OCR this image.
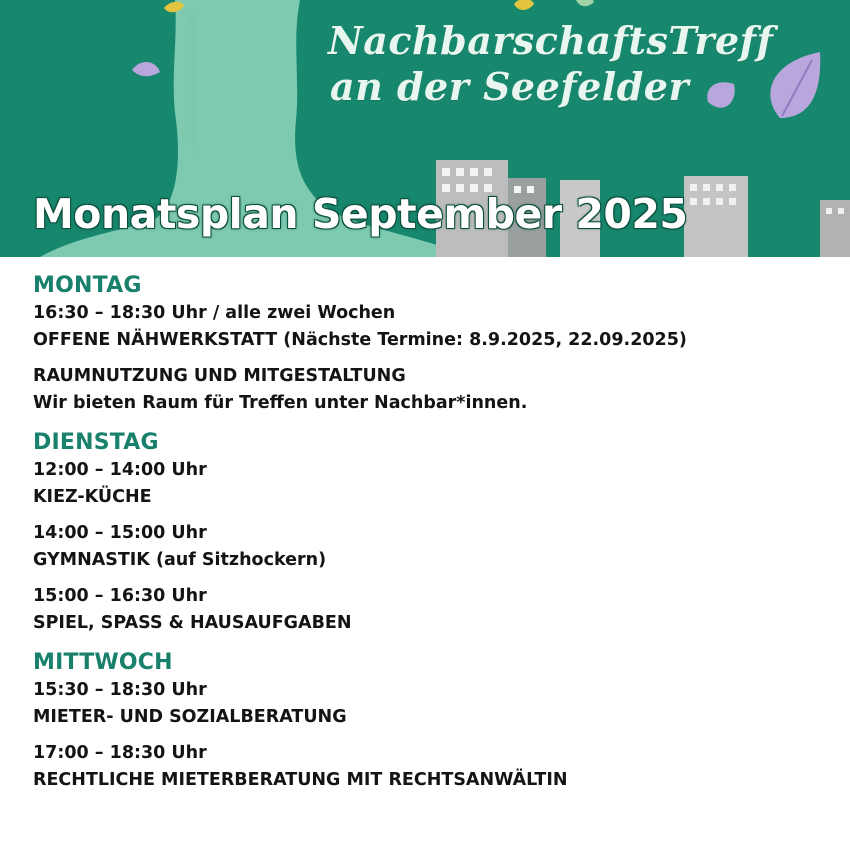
NachbarschaftsTreff
an der Seefelder
Monatsplan September 2025
MONTAG
16:30 – 18:30 Uhr / alle zwei Wochen
OFFENE NÄHWERKSTATT (Nächste Termine: 8.9.2025, 22.09.2025)
RAUMNUTZUNG UND MITGESTALTUNG
Wir bieten Raum für Treffen unter Nachbar*innen.
DIENSTAG
12:00 – 14:00 Uhr
KIEZ-KÜCHE
14:00 – 15:00 Uhr
GYMNASTIK (auf Sitzhockern)
15:00 – 16:30 Uhr
SPIEL, SPASS & HAUSAUFGABEN
MITTWOCH
15:30 – 18:30 Uhr
MIETER- UND SOZIALBERATUNG
17:00 – 18:30 Uhr
RECHTLICHE MIETERBERATUNG MIT RECHTSANWÄLTIN
